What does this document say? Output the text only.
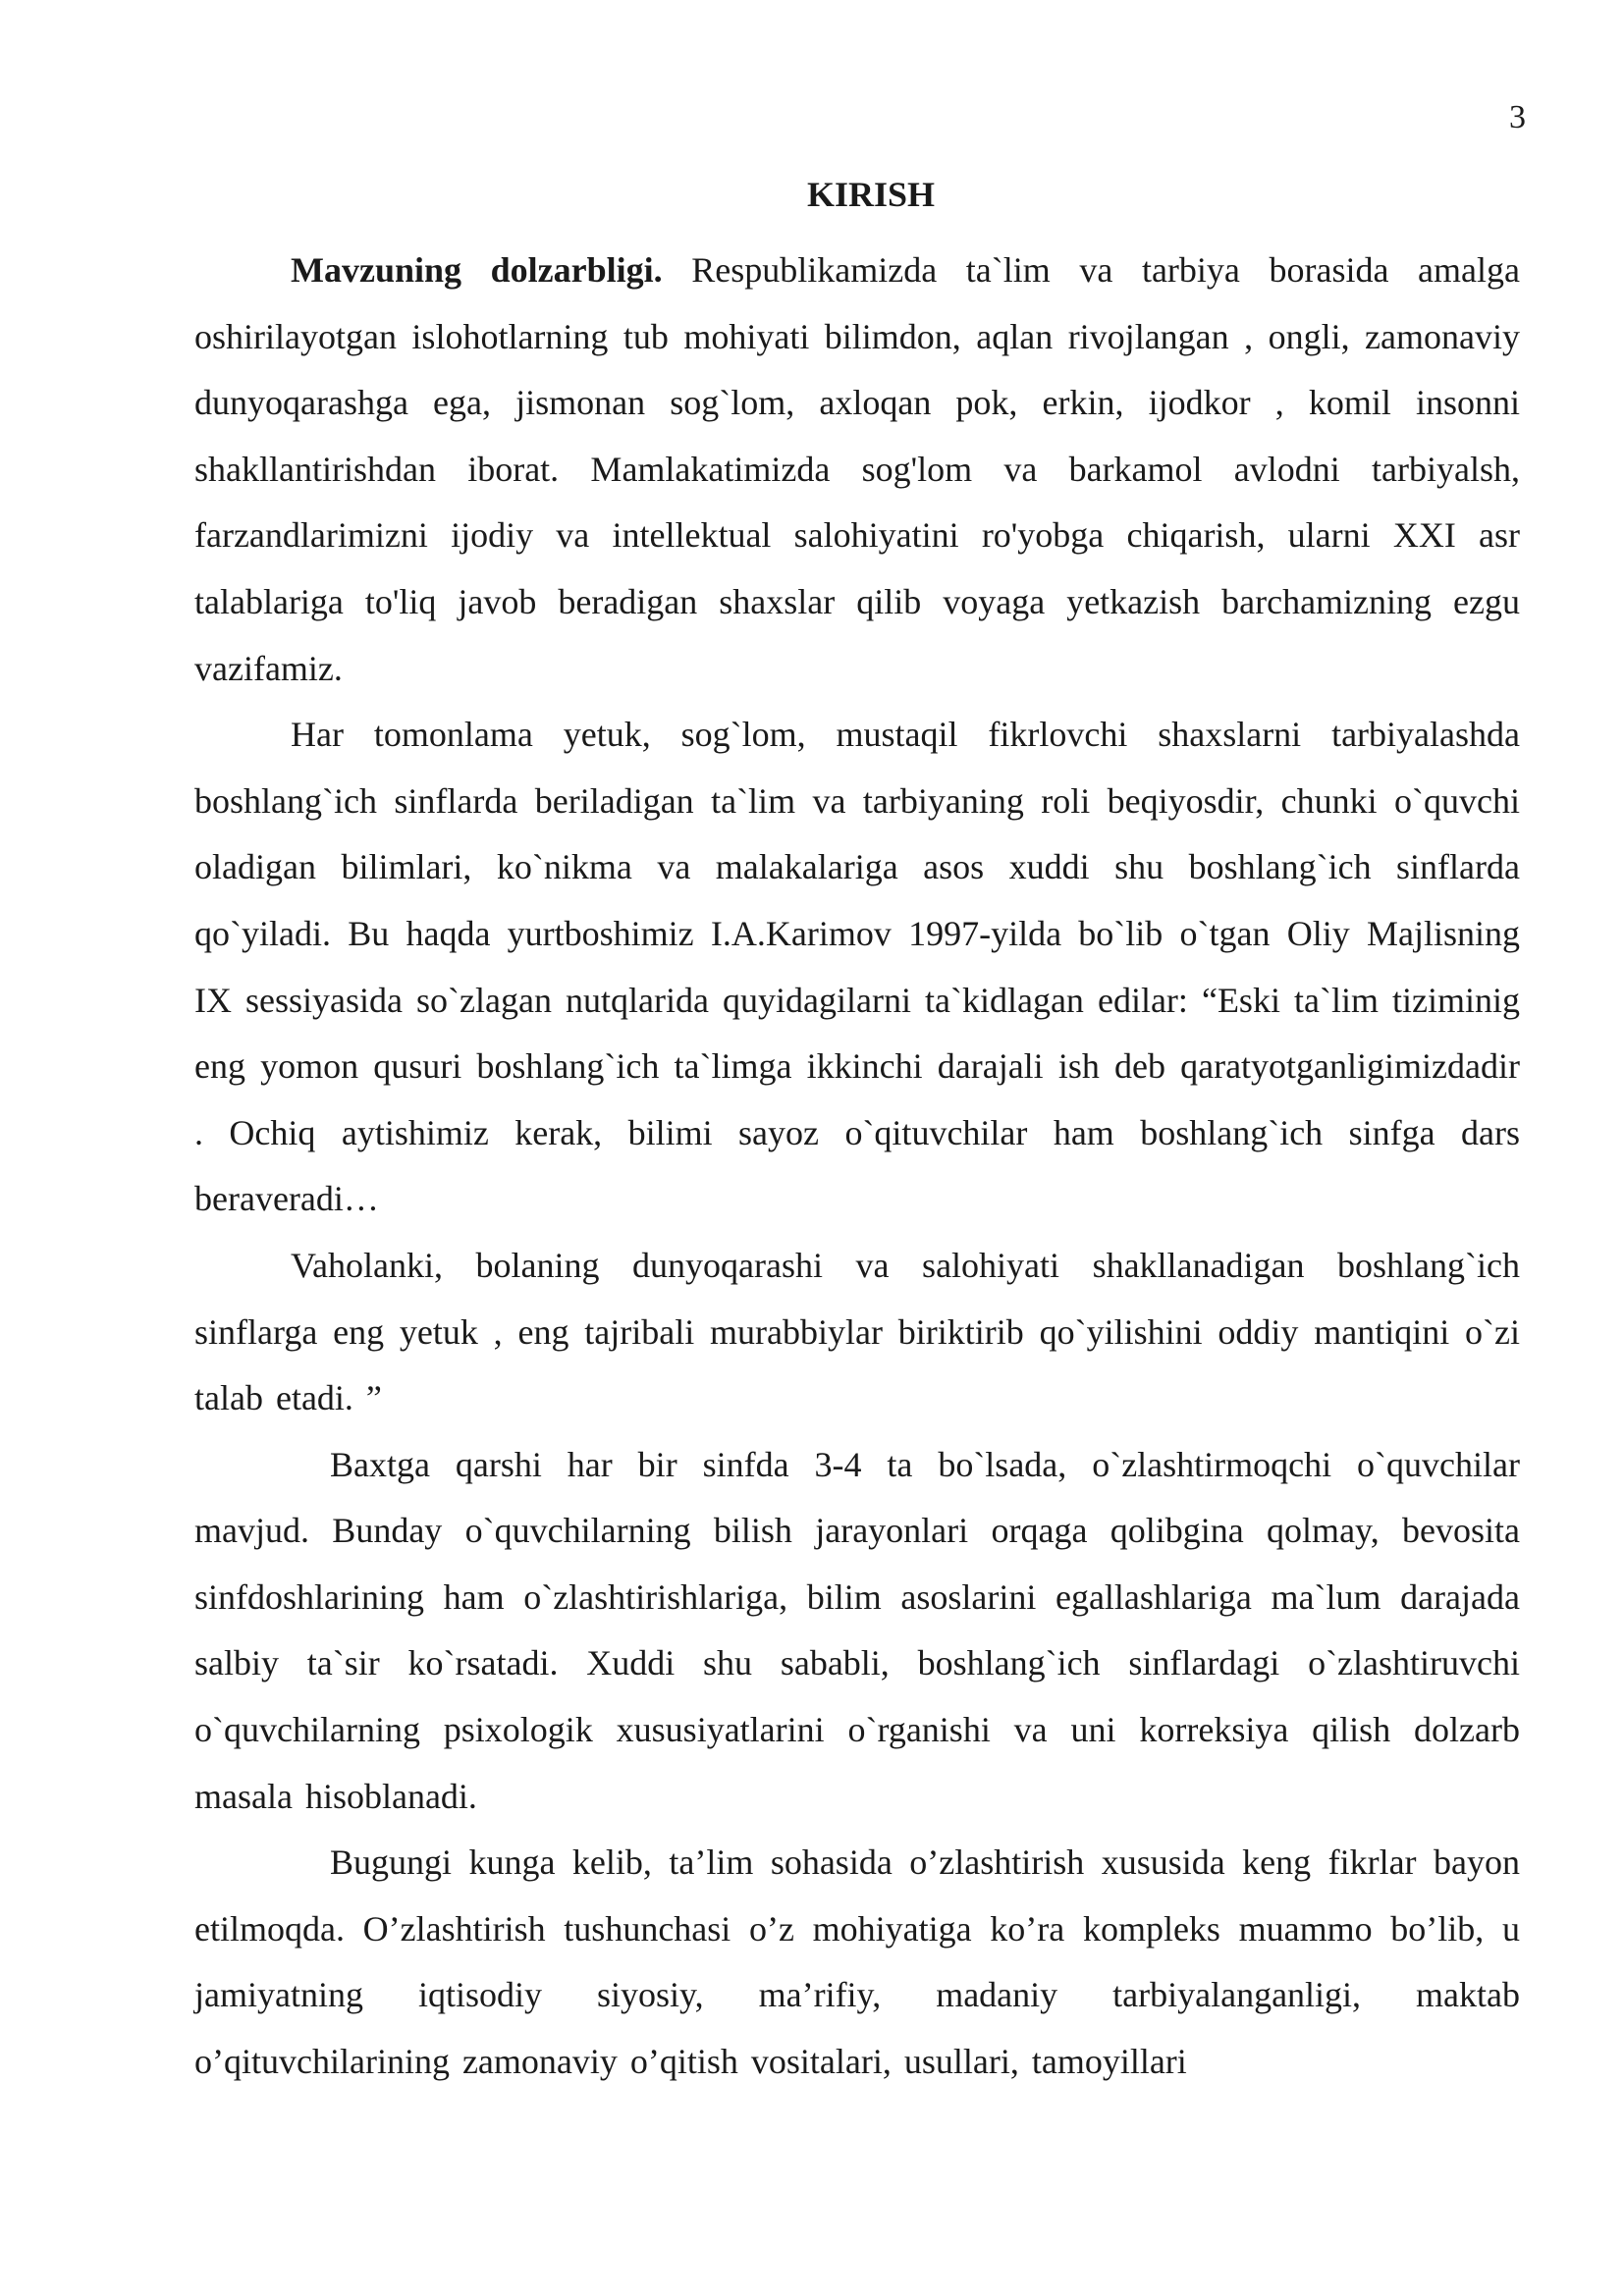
3
KIRISH

Mavzuning dolzarbligi. Respublikamizda ta`lim va tarbiya borasida amalga oshirilayotgan islohotlarning tub mohiyati bilimdon, aqlan rivojlangan , ongli, zamonaviy dunyoqarashga ega, jismonan sog`lom, axloqan pok, erkin, ijodkor , komil insonni shakllantirishdan iborat. Mamlakatimizda sog'lom va barkamol avlodni tarbiyalsh, farzandlarimizni ijodiy va intellektual salohiyatini ro'yobga chiqarish, ularni XXI asr talablariga to'liq javob beradigan shaxslar qilib voyaga yetkazish barchamizning ezgu vazifamiz.

Har tomonlama yetuk, sog`lom, mustaqil fikrlovchi shaxslarni tarbiyalashda boshlang`ich sinflarda beriladigan ta`lim va tarbiyaning roli beqiyosdir, chunki o`quvchi oladigan bilimlari, ko`nikma va malakalariga asos xuddi shu boshlang`ich sinflarda qo`yiladi. Bu haqda yurtboshimiz I.A.Karimov 1997-yilda bo`lib o`tgan Oliy Majlisning IX sessiyasida so`zlagan nutqlarida quyidagilarni ta`kidlagan edilar: “Eski ta`lim tiziminig eng yomon qusuri boshlang`ich ta`limga ikkinchi darajali ish deb qaratyotganligimizdadir . Ochiq aytishimiz kerak, bilimi sayoz o`qituvchilar ham boshlang`ich sinfga dars beraveradi…

Vaholanki, bolaning dunyoqarashi va salohiyati shakllanadigan boshlang`ich sinflarga eng yetuk , eng tajribali murabbiylar biriktirib qo`yilishini oddiy mantiqini o`zi talab etadi. ”

Baxtga qarshi har bir sinfda 3-4 ta bo`lsada, o`zlashtirmoqchi o`quvchilar mavjud. Bunday o`quvchilarning bilish jarayonlari orqaga qolibgina qolmay, bevosita sinfdoshlarining ham o`zlashtirishlariga, bilim asoslarini egallashlariga ma`lum darajada salbiy ta`sir ko`rsatadi. Xuddi shu sababli, boshlang`ich sinflardagi o`zlashtiruvchi o`quvchilarning psixologik xususiyatlarini o`rganishi va uni korreksiya qilish dolzarb masala hisoblanadi.

Bugungi kunga kelib, ta’lim sohasida o’zlashtirish xususida keng fikrlar bayon etilmoqda. O’zlashtirish tushunchasi o’z mohiyatiga ko’ra kompleks muammo bo’lib, u jamiyatning iqtisodiy siyosiy, ma’rifiy, madaniy tarbiyalanganligi, maktab o’qituvchilarining zamonaviy o’qitish vositalari, usullari, tamoyillari
